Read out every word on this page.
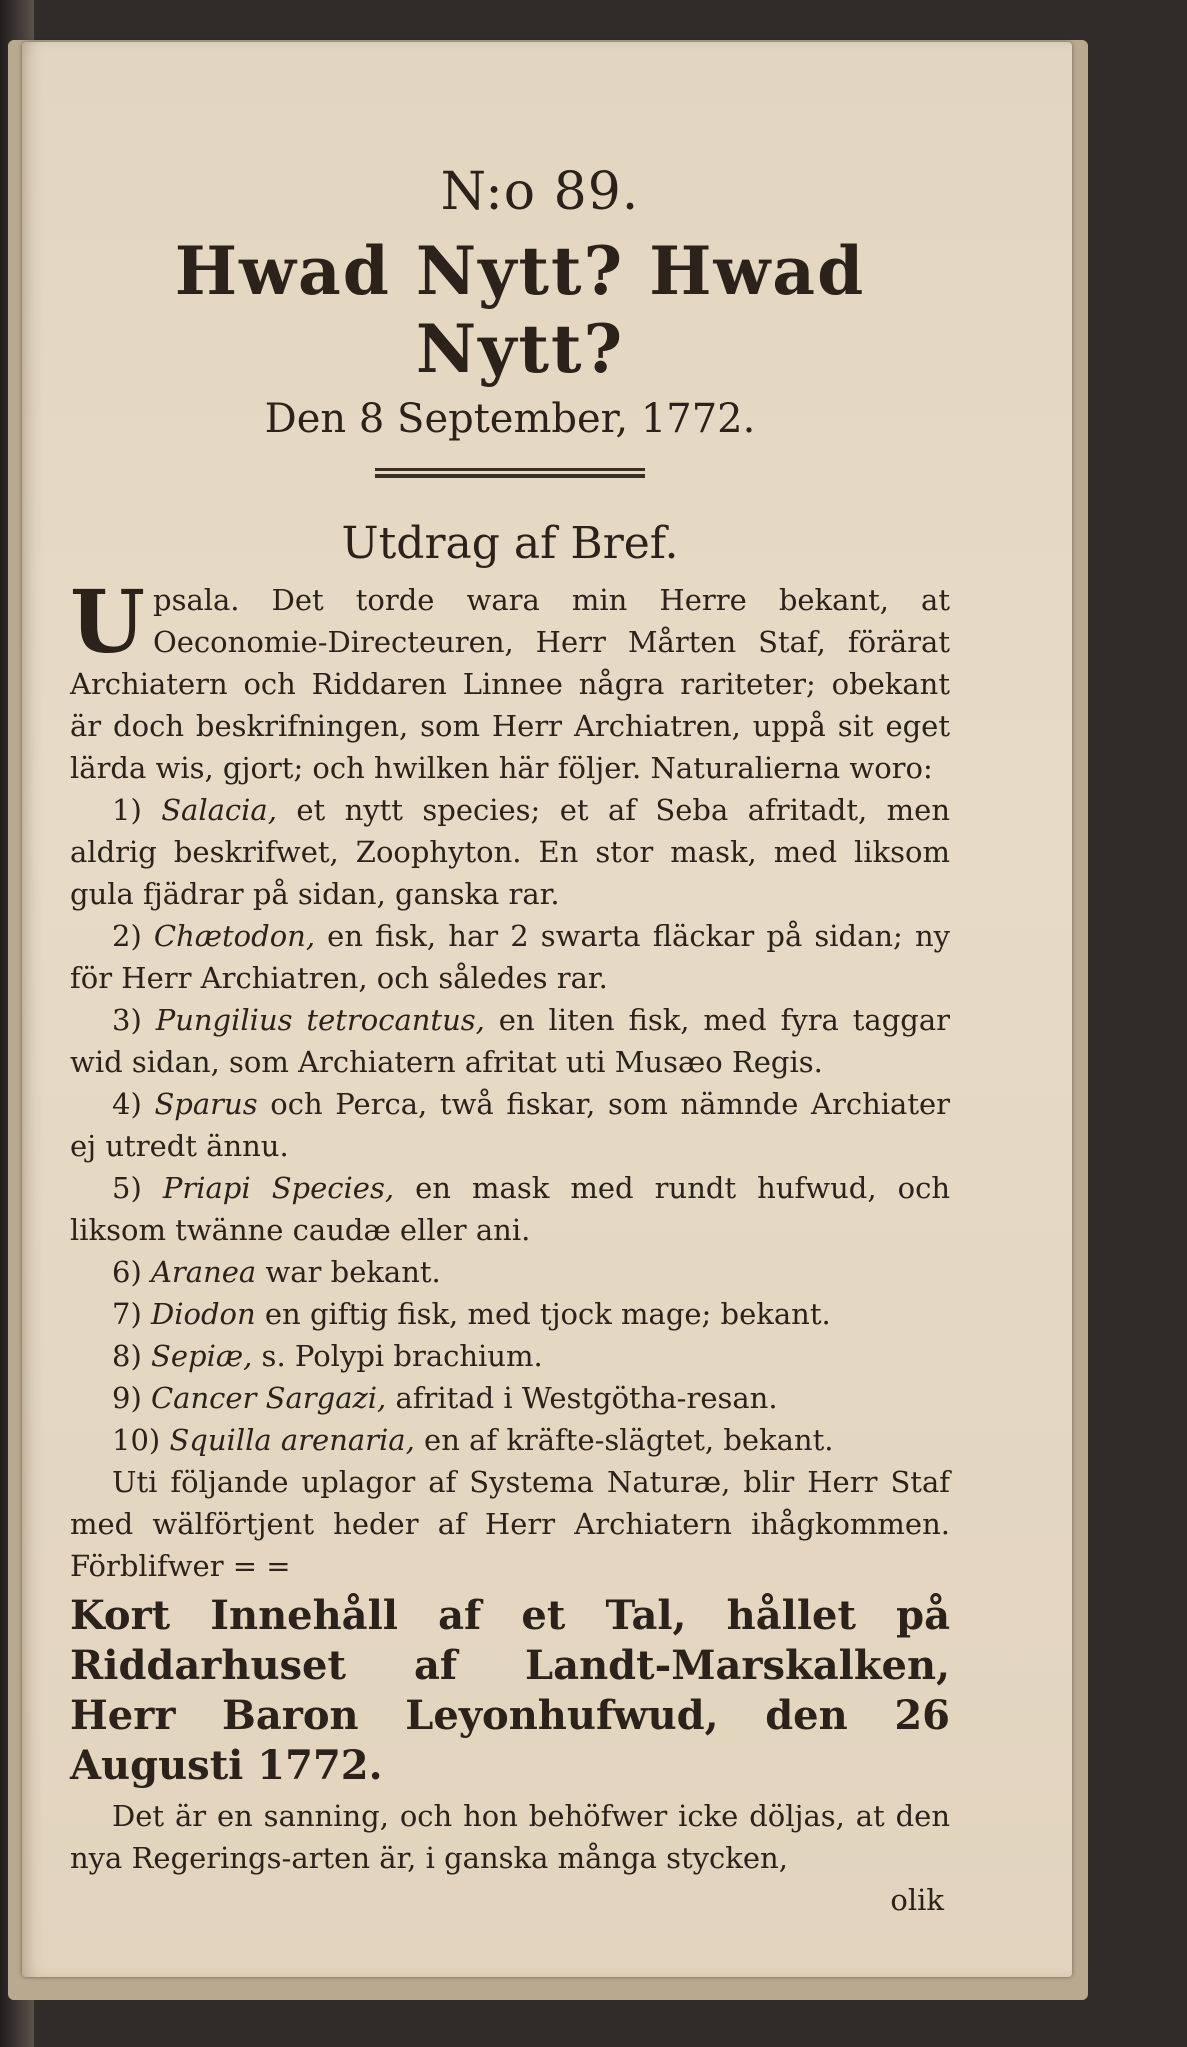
N:o 89.
Hwad Nytt? Hwad Nytt?
Den 8 September, 1772.
Utdrag af Bref.

Upsala. Det torde wara min Herre bekant, at Oeconomie-Directeuren, Herr Mårten Staf, förärat Archiatern och Riddaren Linnee några rariteter; obekant är doch beskrifningen, som Herr Archiatren, uppå sit eget lärda wis, gjort; och hwilken här följer. Naturalierna woro:

1) Salacia, et nytt species; et af Seba afritadt, men aldrig beskrifwet, Zoophyton. En stor mask, med liksom gula fjädrar på sidan, ganska rar.

2) Chætodon, en fisk, har 2 swarta fläckar på sidan; ny för Herr Archiatren, och således rar.

3) Pungilius tetrocantus, en liten fisk, med fyra taggar wid sidan, som Archiatern afritat uti Musæo Regis.

4) Sparus och Perca, twå fiskar, som nämnde Archiater ej utredt ännu.

5) Priapi Species, en mask med rundt hufwud, och liksom twänne caudæ eller ani.

6) Aranea war bekant.

7) Diodon en giftig fisk, med tjock mage; bekant.

8) Sepiæ, s. Polypi brachium.

9) Cancer Sargazi, afritad i Westgötha-resan.

10) Squilla arenaria, en af kräfte-slägtet, bekant.

Uti följande uplagor af Systema Naturæ, blir Herr Staf med wälförtjent heder af Herr Archiatern ihågkommen. Förblifwer = =

Kort Innehåll af et Tal, hållet på Riddarhuset af Landt-Marskalken, Herr Baron Leyonhufwud, den 26 Augusti 1772.

Det är en sanning, och hon behöfwer icke döljas, at den nya Regerings-arten är, i ganska många stycken,

olik
